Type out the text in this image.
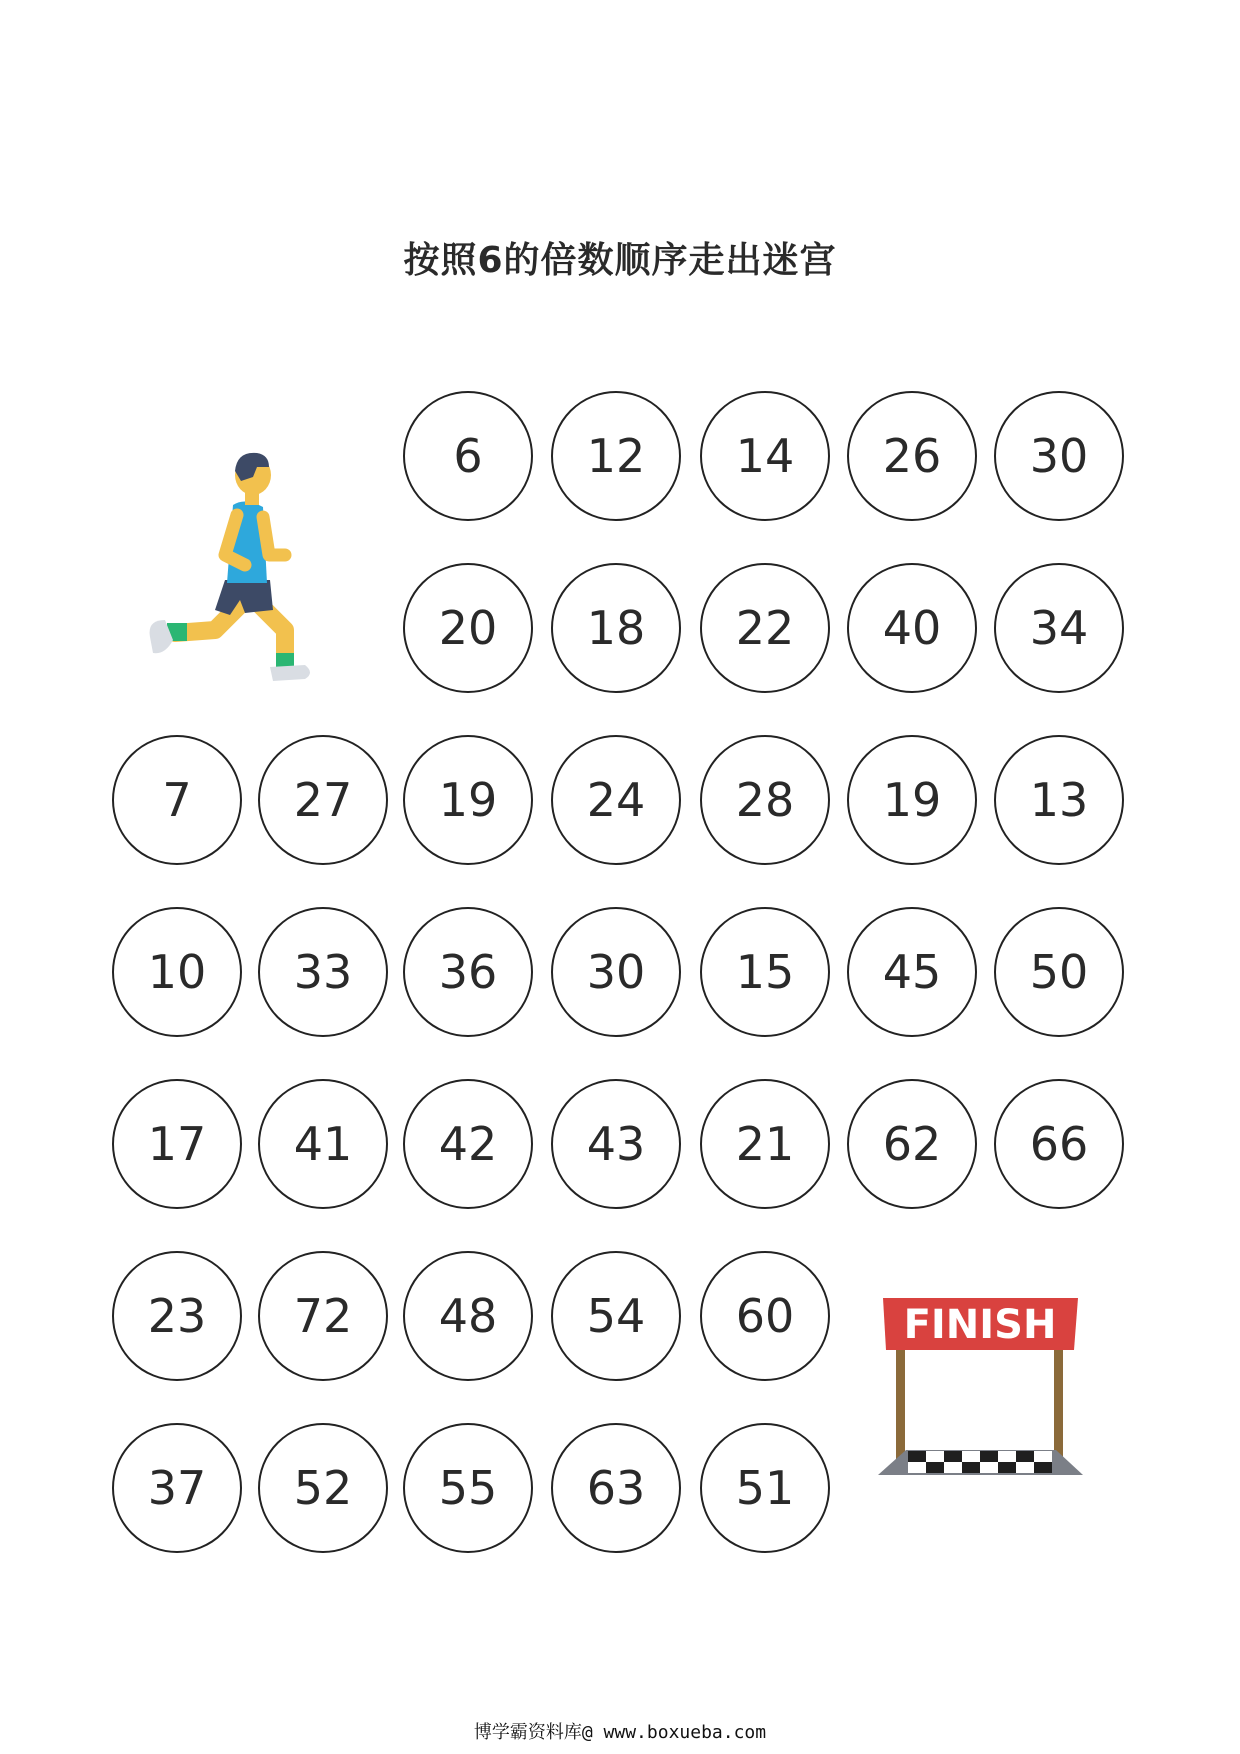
按照6的倍数顺序走出迷宫
6	12	14	26	30
20	18	22	40	34
7	27	19	24	28	19	13
10	33	36	30	15	45	50
17	41	42	43	21	62	66
23	72	48	54	60
37	52	55	63	51
FINISH
博学霸资料库@ www.boxueba.com
